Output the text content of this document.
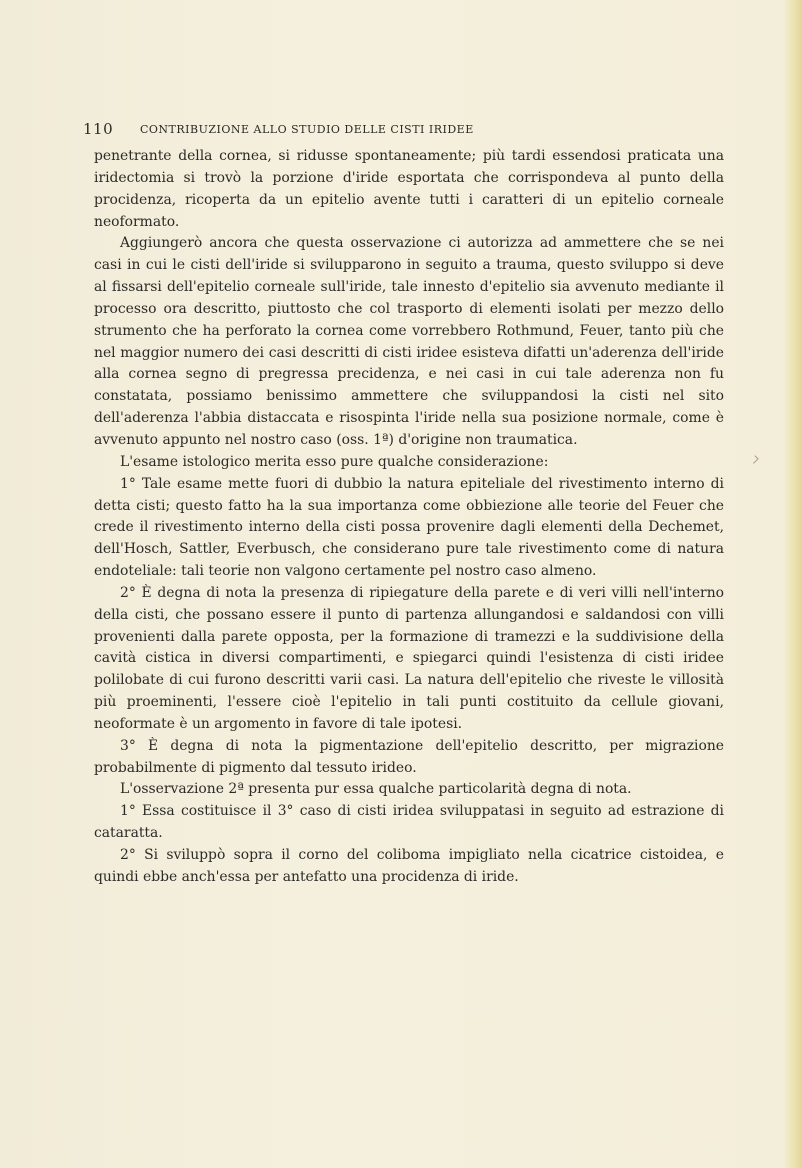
110 CONTRIBUZIONE ALLO STUDIO DELLE CISTI IRIDEE

penetrante della cornea, si ridusse spontaneamente; più tardi essendosi praticata una iridectomia si trovò la porzione d'iride esportata che corrispondeva al punto della procidenza, ricoperta da un epitelio avente tutti i caratteri di un epitelio corneale neoformato.

Aggiungerò ancora che questa osservazione ci autorizza ad ammettere che se nei casi in cui le cisti dell'iride si svilupparono in seguito a trauma, questo sviluppo si deve al fissarsi dell'epitelio corneale sull'iride, tale innesto d'epitelio sia avvenuto mediante il processo ora descritto, piuttosto che col trasporto di elementi isolati per mezzo dello strumento che ha perforato la cornea come vorrebbero Rothmund, Feuer, tanto più che nel maggior numero dei casi descritti di cisti iridee esisteva difatti un'aderenza dell'iride alla cornea segno di pregressa precidenza, e nei casi in cui tale aderenza non fu constatata, possiamo benissimo ammettere che sviluppandosi la cisti nel sito dell'aderenza l'abbia distaccata e risospinta l'iride nella sua posizione normale, come è avvenuto appunto nel nostro caso (oss. 1ª) d'origine non traumatica.

L'esame istologico merita esso pure qualche considerazione:

1° Tale esame mette fuori di dubbio la natura epiteliale del rivestimento interno di detta cisti; questo fatto ha la sua importanza come obbiezione alle teorie del Feuer che crede il rivestimento interno della cisti possa provenire dagli elementi della Dechemet, dell'Hosch, Sattler, Everbusch, che considerano pure tale rivestimento come di natura endoteliale: tali teorie non valgono certamente pel nostro caso almeno.

2° È degna di nota la presenza di ripiegature della parete e di veri villi nell'interno della cisti, che possano essere il punto di partenza allungandosi e saldandosi con villi provenienti dalla parete opposta, per la formazione di tramezzi e la suddivisione della cavità cistica in diversi compartimenti, e spiegarci quindi l'esistenza di cisti iridee polilobate di cui furono descritti varii casi. La natura dell'epitelio che riveste le villosità più proeminenti, l'essere cioè l'epitelio in tali punti costituito da cellule giovani, neoformate è un argomento in favore di tale ipotesi.

3° È degna di nota la pigmentazione dell'epitelio descritto, per migrazione probabilmente di pigmento dal tessuto irideo.

L'osservazione 2ª presenta pur essa qualche particolarità degna di nota.

1° Essa costituisce il 3° caso di cisti iridea sviluppatasi in seguito ad estrazione di cataratta.

2° Si sviluppò sopra il corno del coliboma impigliato nella cicatrice cistoidea, e quindi ebbe anch'essa per antefatto una procidenza di iride.
